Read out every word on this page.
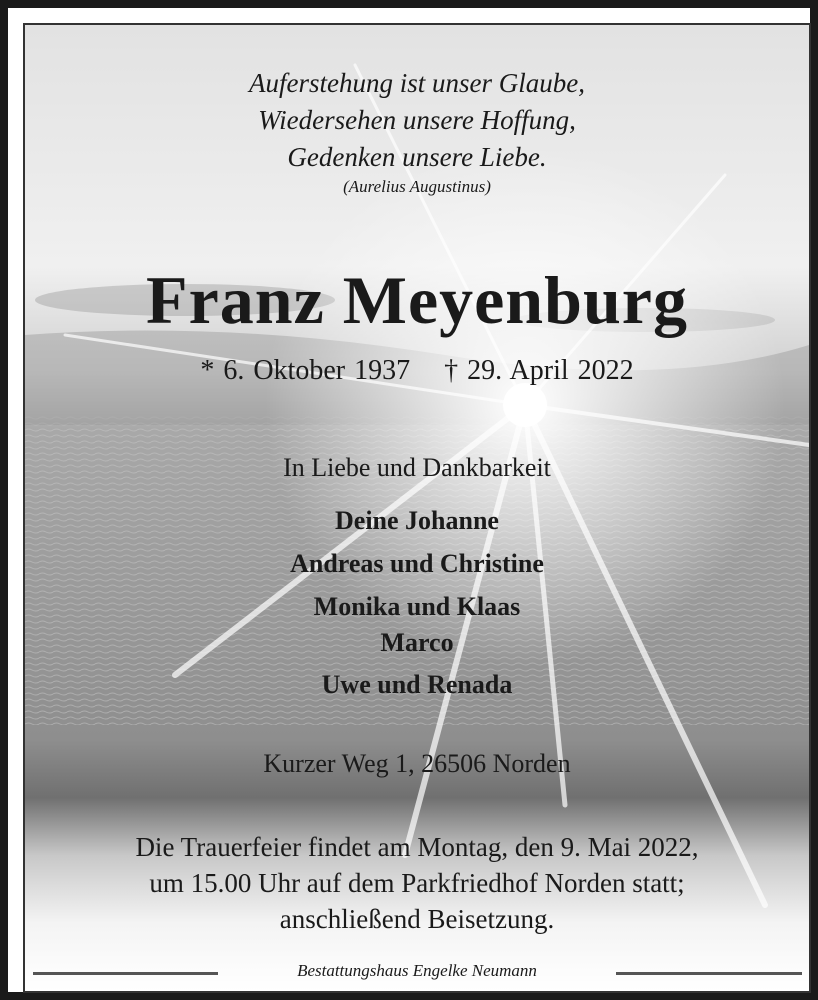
Auferstehung ist unser Glaube,
Wiedersehen unsere Hoffung,
Gedenken unsere Liebe.
(Aurelius Augustinus)
Franz Meyenburg
* 6. Oktober 1937 † 29. April 2022
In Liebe und Dankbarkeit
Deine Johanne
Andreas und Christine
Monika und Klaas
Marco
Uwe und Renada
Kurzer Weg 1, 26506 Norden
Die Trauerfeier findet am Montag, den 9. Mai 2022,
um 15.00 Uhr auf dem Parkfriedhof Norden statt;
anschließend Beisetzung.
Bestattungshaus Engelke Neumann
